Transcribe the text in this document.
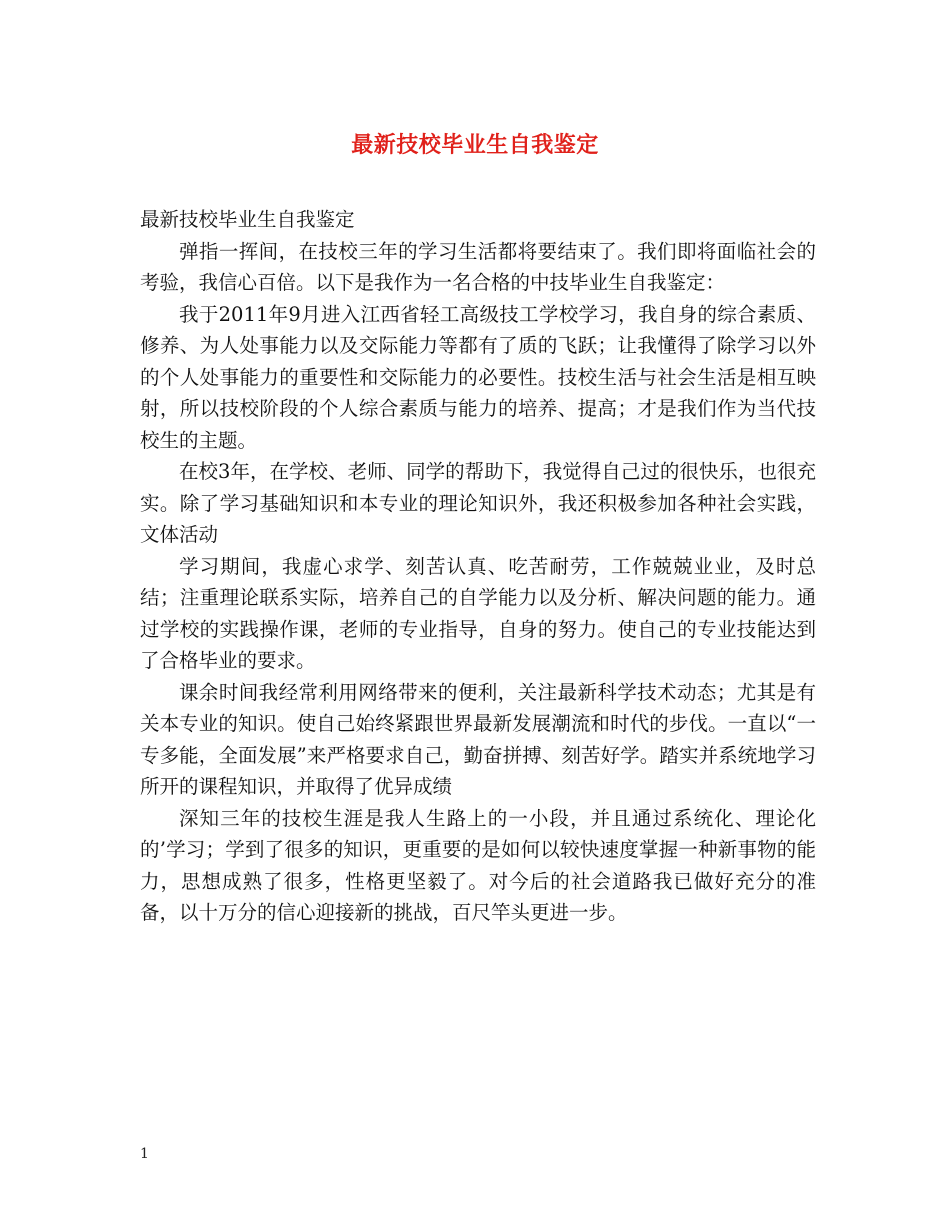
最新技校毕业生自我鉴定

最新技校毕业生自我鉴定

弹指一挥间，在技校三年的学习生活都将要结束了。我们即将面临社会的考验，我信心百倍。以下是我作为一名合格的中技毕业生自我鉴定：

我于2011年9月进入江西省轻工高级技工学校学习，我自身的综合素质、修养、为人处事能力以及交际能力等都有了质的飞跃；让我懂得了除学习以外的个人处事能力的重要性和交际能力的必要性。技校生活与社会生活是相互映射，所以技校阶段的个人综合素质与能力的培养、提高；才是我们作为当代技校生的主题。

在校3年，在学校、老师、同学的帮助下，我觉得自己过的很快乐，也很充实。除了学习基础知识和本专业的理论知识外，我还积极参加各种社会实践，文体活动

学习期间，我虚心求学、刻苦认真、吃苦耐劳，工作兢兢业业，及时总结；注重理论联系实际，培养自己的自学能力以及分析、解决问题的能力。通过学校的实践操作课，老师的专业指导，自身的努力。使自己的专业技能达到了合格毕业的要求。

课余时间我经常利用网络带来的便利，关注最新科学技术动态；尤其是有关本专业的知识。使自己始终紧跟世界最新发展潮流和时代的步伐。一直以“一专多能，全面发展”来严格要求自己，勤奋拼搏、刻苦好学。踏实并系统地学习所开的课程知识，并取得了优异成绩

深知三年的技校生涯是我人生路上的一小段，并且通过系统化、理论化的’学习；学到了很多的知识，更重要的是如何以较快速度掌握一种新事物的能力，思想成熟了很多，性格更坚毅了。对今后的社会道路我已做好充分的准备，以十万分的信心迎接新的挑战，百尺竿头更进一步。

1
